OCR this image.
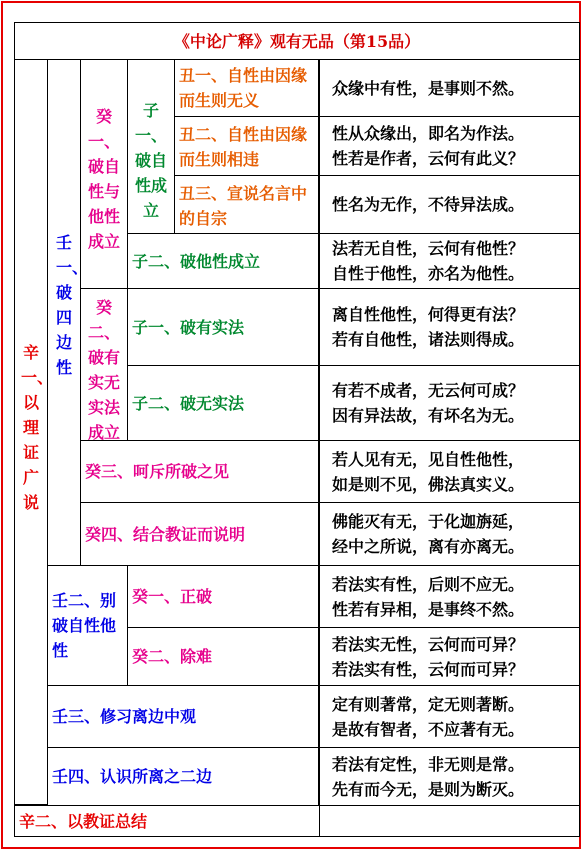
《中论广释》观有无品（第15品）
辛一、以理证广说
壬一、破四边性
癸一、破自性与他性成立
子一、破自性成立
丑一、自性由因缘而生则无义
丑二、自性由因缘而生则相违
丑三、宣说名言中的自宗
子二、破他性成立
癸二、破有实无实法成立
子一、破有实法
子二、破无实法
癸三、呵斥所破之见
癸四、结合教证而说明
壬二、别破自性他性
癸一、正破
癸二、除难
壬三、修习离边中观
壬四、认识所离之二边
辛二、以教证总结
众缘中有性，是事则不然。
性从众缘出，即名为作法。
性若是作者，云何有此义？
性名为无作，不待异法成。
法若无自性，云何有他性？
自性于他性，亦名为他性。
离自性他性，何得更有法？
若有自他性，诸法则得成。
有若不成者，无云何可成？
因有异法故，有坏名为无。
若人见有无，见自性他性，
如是则不见，佛法真实义。
佛能灭有无，于化迦旃延，
经中之所说，离有亦离无。
若法实有性，后则不应无。
性若有异相，是事终不然。
若法实无性，云何而可异？
若法实有性，云何而可异？
定有则著常，定无则著断。
是故有智者，不应著有无。
若法有定性，非无则是常。
先有而今无，是则为断灭。
